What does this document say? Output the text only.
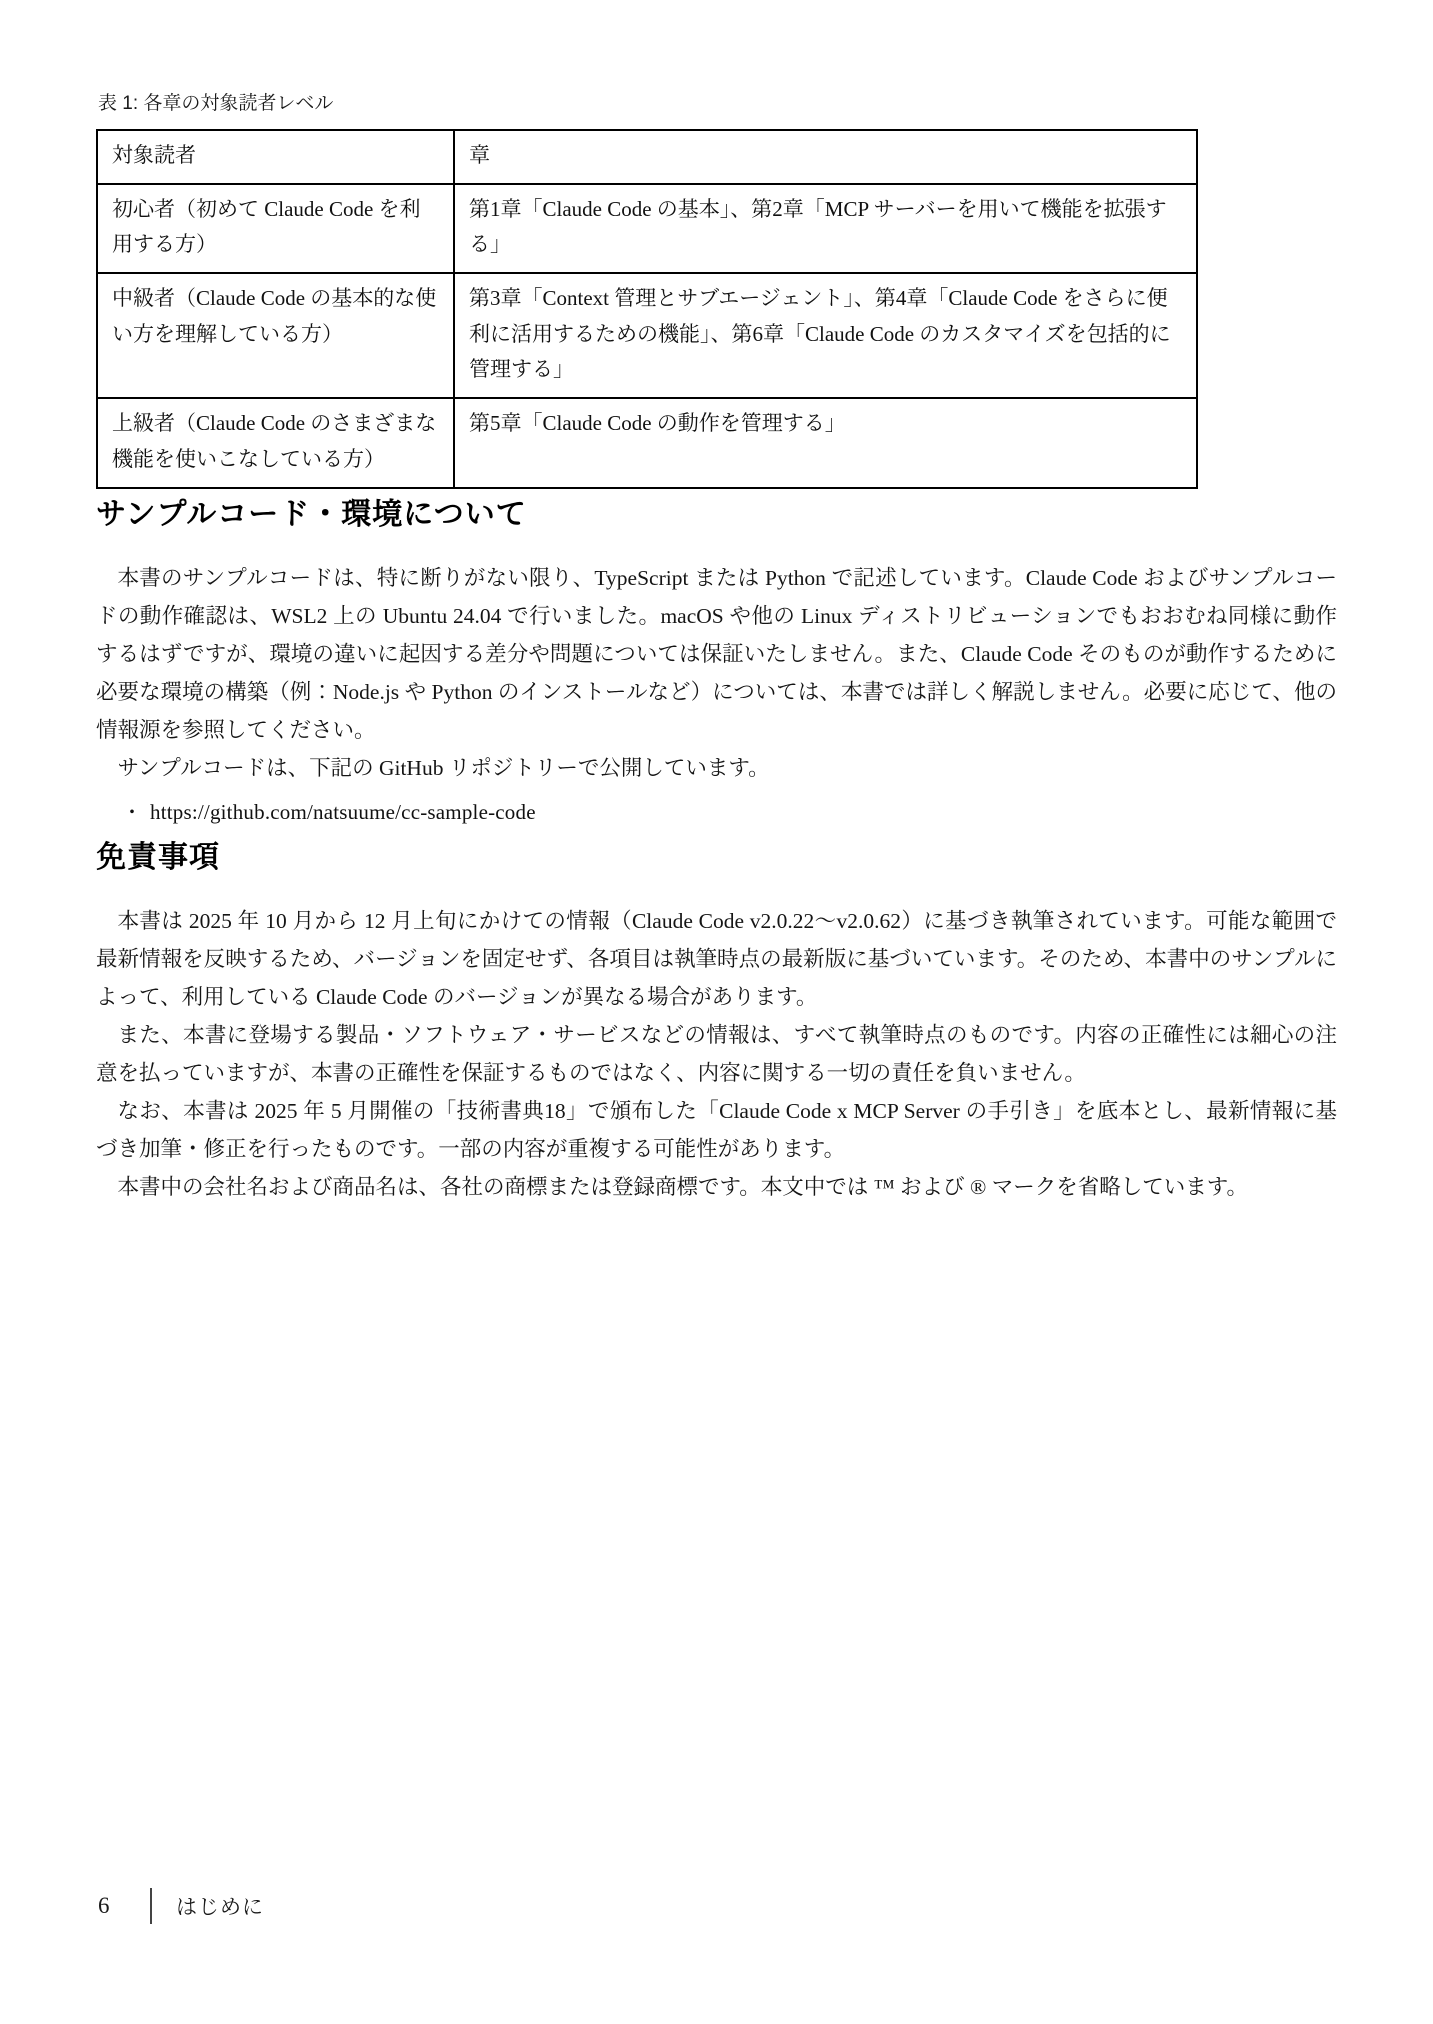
表 1: 各章の対象読者レベル
対象読者	章
初心者（初めて Claude Code を利用する方）	第1章「Claude Code の基本」、第2章「MCP サーバーを用いて機能を拡張する」
中級者（Claude Code の基本的な使い方を理解している方）	第3章「Context 管理とサブエージェント」、第4章「Claude Code をさらに便利に活用するための機能」、第6章「Claude Code のカスタマイズを包括的に管理する」
上級者（Claude Code のさまざまな機能を使いこなしている方）	第5章「Claude Code の動作を管理する」
サンプルコード・環境について

本書のサンプルコードは、特に断りがない限り、TypeScript または Python で記述しています。Claude Code およびサンプルコードの動作確認は、WSL2 上の Ubuntu 24.04 で行いました。macOS や他の Linux ディストリビューションでもおおむね同様に動作するはずですが、環境の違いに起因する差分や問題については保証いたしません。また、Claude Code そのものが動作するために必要な環境の構築（例：Node.js や Python のインストールなど）については、本書では詳しく解説しません。必要に応じて、他の情報源を参照してください。

サンプルコードは、下記の GitHub リポジトリーで公開しています。

・ https://github.com/natsuume/cc-sample-code
免責事項

本書は 2025 年 10 月から 12 月上旬にかけての情報（Claude Code v2.0.22～v2.0.62）に基づき執筆されています。可能な範囲で最新情報を反映するため、バージョンを固定せず、各項目は執筆時点の最新版に基づいています。そのため、本書中のサンプルによって、利用している Claude Code のバージョンが異なる場合があります。

また、本書に登場する製品・ソフトウェア・サービスなどの情報は、すべて執筆時点のものです。内容の正確性には細心の注意を払っていますが、本書の正確性を保証するものではなく、内容に関する一切の責任を負いません。

なお、本書は 2025 年 5 月開催の「技術書典18」で頒布した「Claude Code x MCP Server の手引き」を底本とし、最新情報に基づき加筆・修正を行ったものです。一部の内容が重複する可能性があります。

本書中の会社名および商品名は、各社の商標または登録商標です。本文中では ™ および ® マークを省略しています。

6	はじめに
